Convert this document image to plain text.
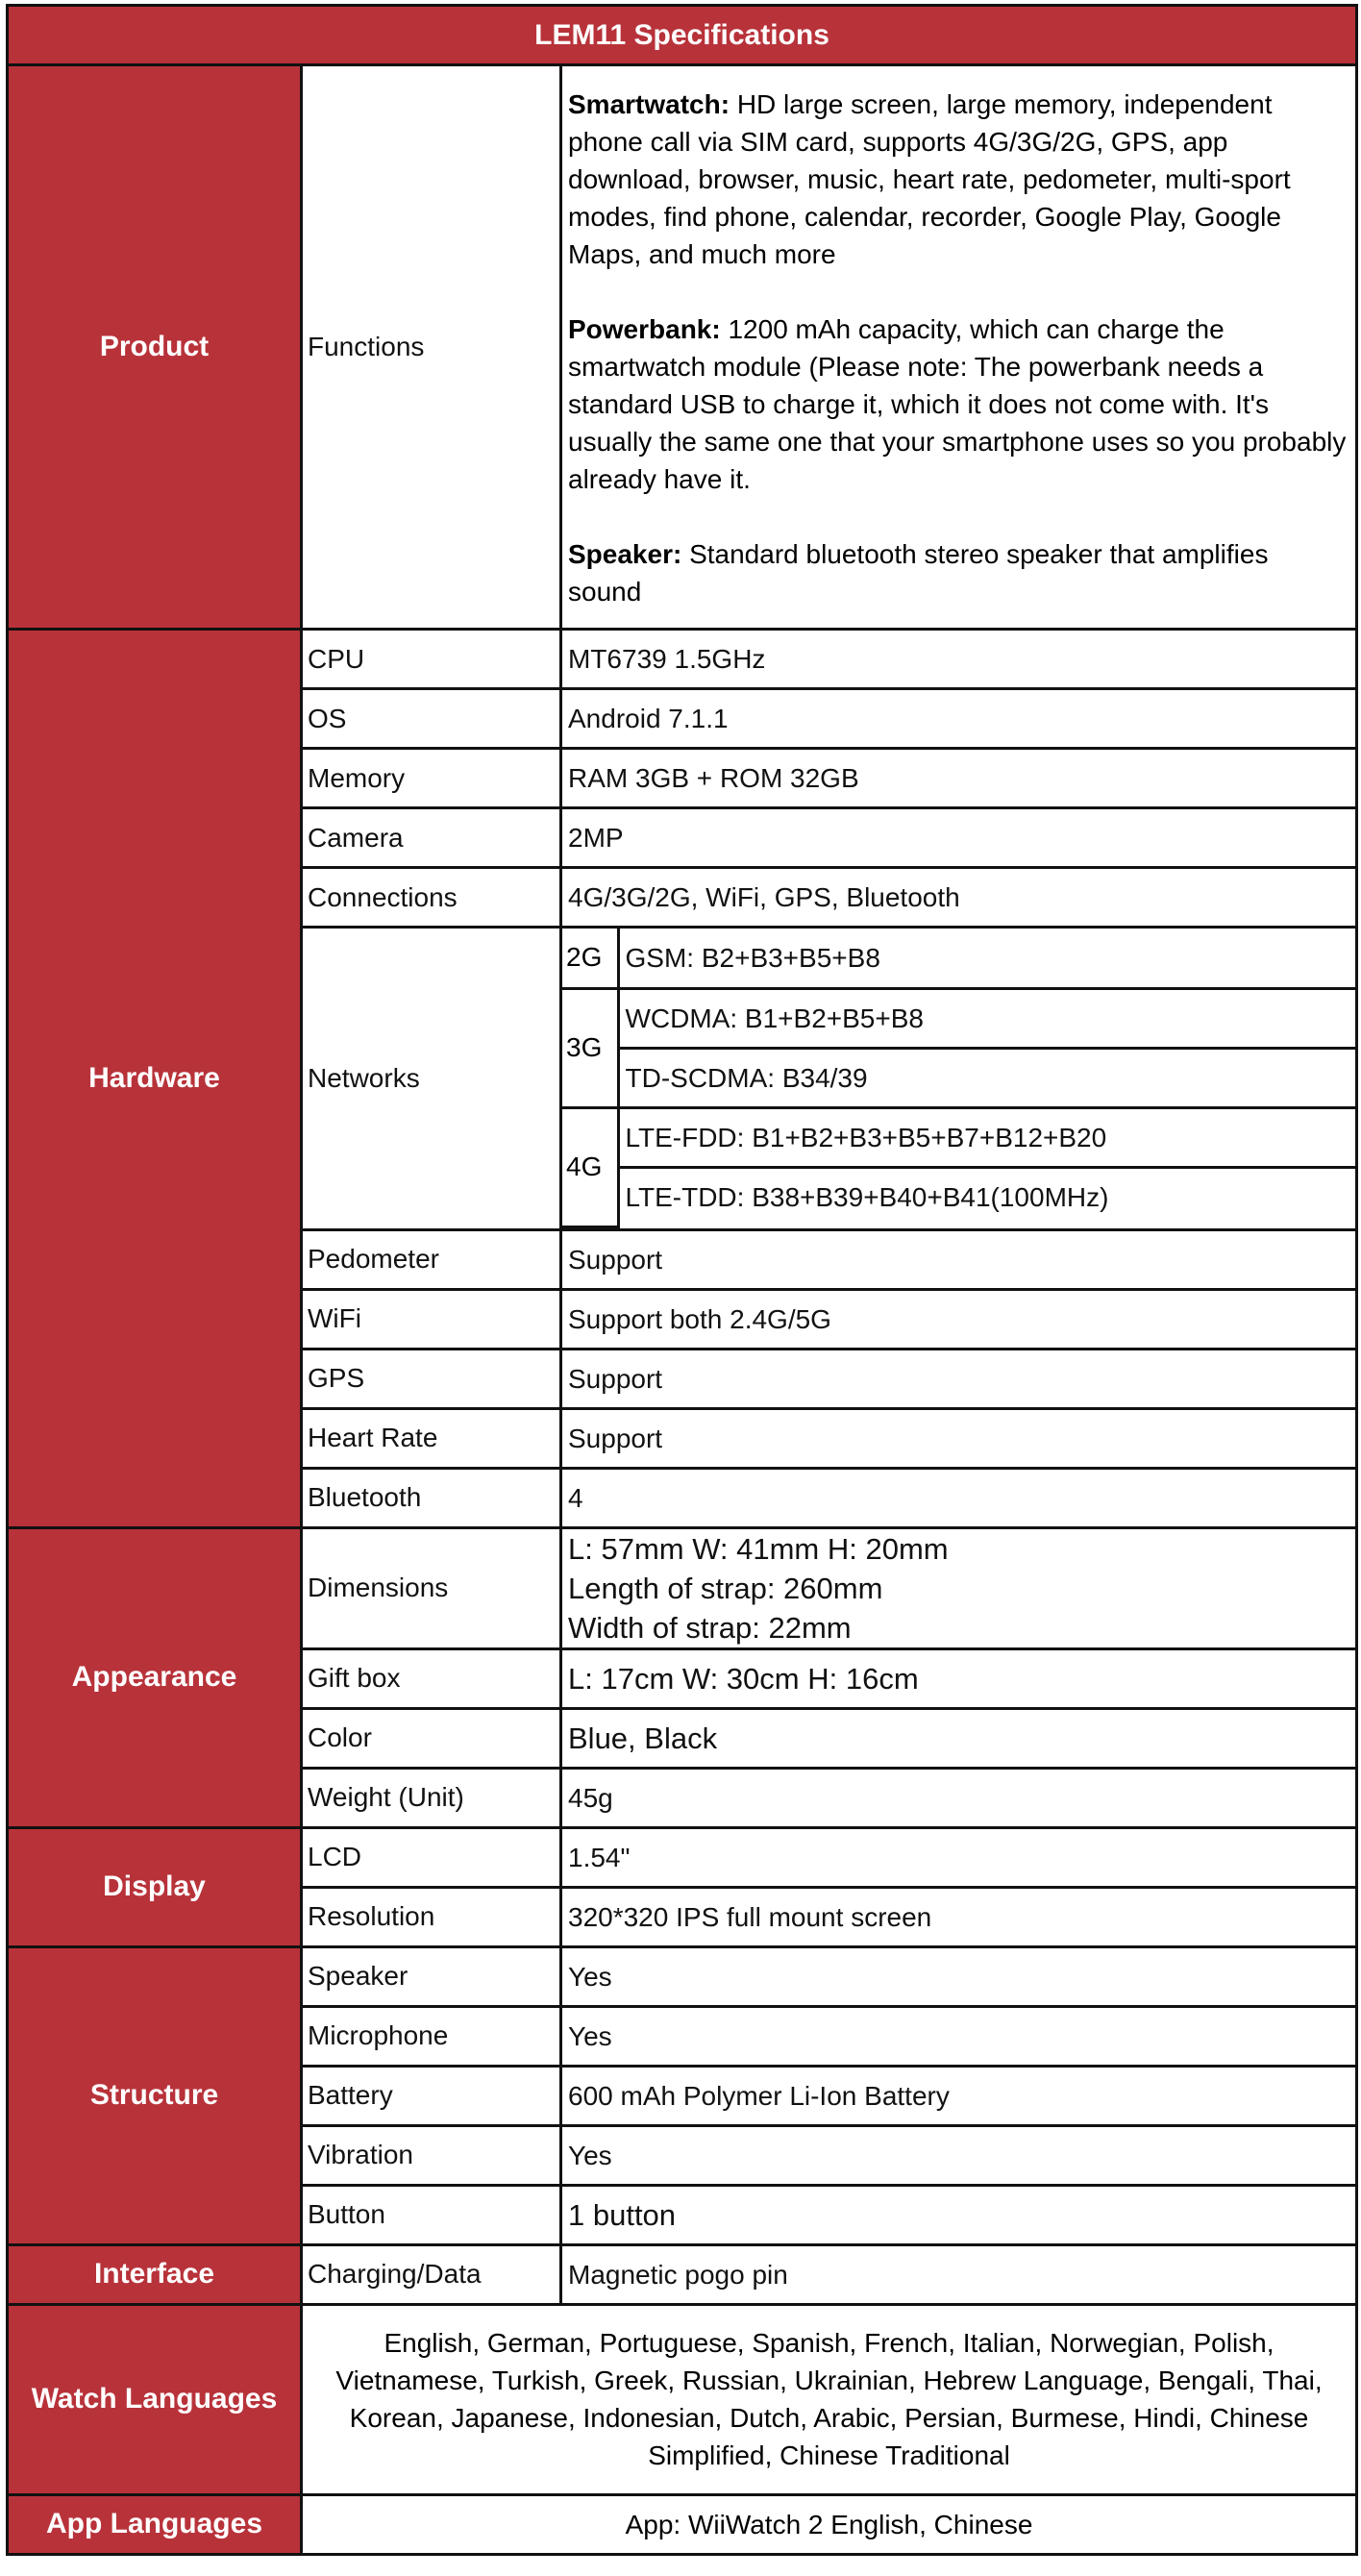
LEM11 Specifications
Product	Functions	

Smartwatch: HD large screen, large memory, independent phone call via SIM card, supports 4G/3G/2G, GPS, app download, browser, music, heart rate, pedometer, multi-sport modes, find phone, calendar, recorder, Google Play, Google Maps, and much more

Powerbank: 1200 mAh capacity, which can charge the smartwatch module (Please note: The powerbank needs a standard USB to charge it, which it does not come with. It's usually the same one that your smartphone uses so you probably already have it.

Speaker: Standard bluetooth stereo speaker that amplifies sound

Hardware	CPU	MT6739 1.5GHz
OS	Android 7.1.1
Memory	RAM 3GB + ROM 32GB
Camera	2MP
Connections	4G/3G/2G, WiFi, GPS, Bluetooth
Networks	
2G	GSM: B2+B3+B5+B8
3G	WCDMA: B1+B2+B5+B8
TD-SCDMA: B34/39
4G	LTE-FDD: B1+B2+B3+B5+B7+B12+B20
LTE-TDD: B38+B39+B40+B41(100MHz)

Pedometer	Support
WiFi	Support both 2.4G/5G
GPS	Support
Heart Rate	Support
Bluetooth	4
Appearance	Dimensions	
L: 57mm W: 41mm H: 20mm
Length of strap: 260mm
Width of strap: 22mm

Gift box	L: 17cm W: 30cm H: 16cm
Color	Blue, Black
Weight (Unit)	45g
Display	LCD	1.54"
Resolution	320*320 IPS full mount screen
Structure	Speaker	Yes
Microphone	Yes
Battery	600 mAh Polymer Li-Ion Battery
Vibration	Yes
Button	1 button
Interface	Charging/Data	Magnetic pogo pin
Watch Languages	English, German, Portuguese, Spanish, French, Italian, Norwegian, Polish, Vietnamese, Turkish, Greek, Russian, Ukrainian, Hebrew Language, Bengali, Thai, Korean, Japanese, Indonesian, Dutch, Arabic, Persian, Burmese, Hindi, Chinese Simplified, Chinese Traditional
App Languages	App: WiiWatch 2 English, Chinese
